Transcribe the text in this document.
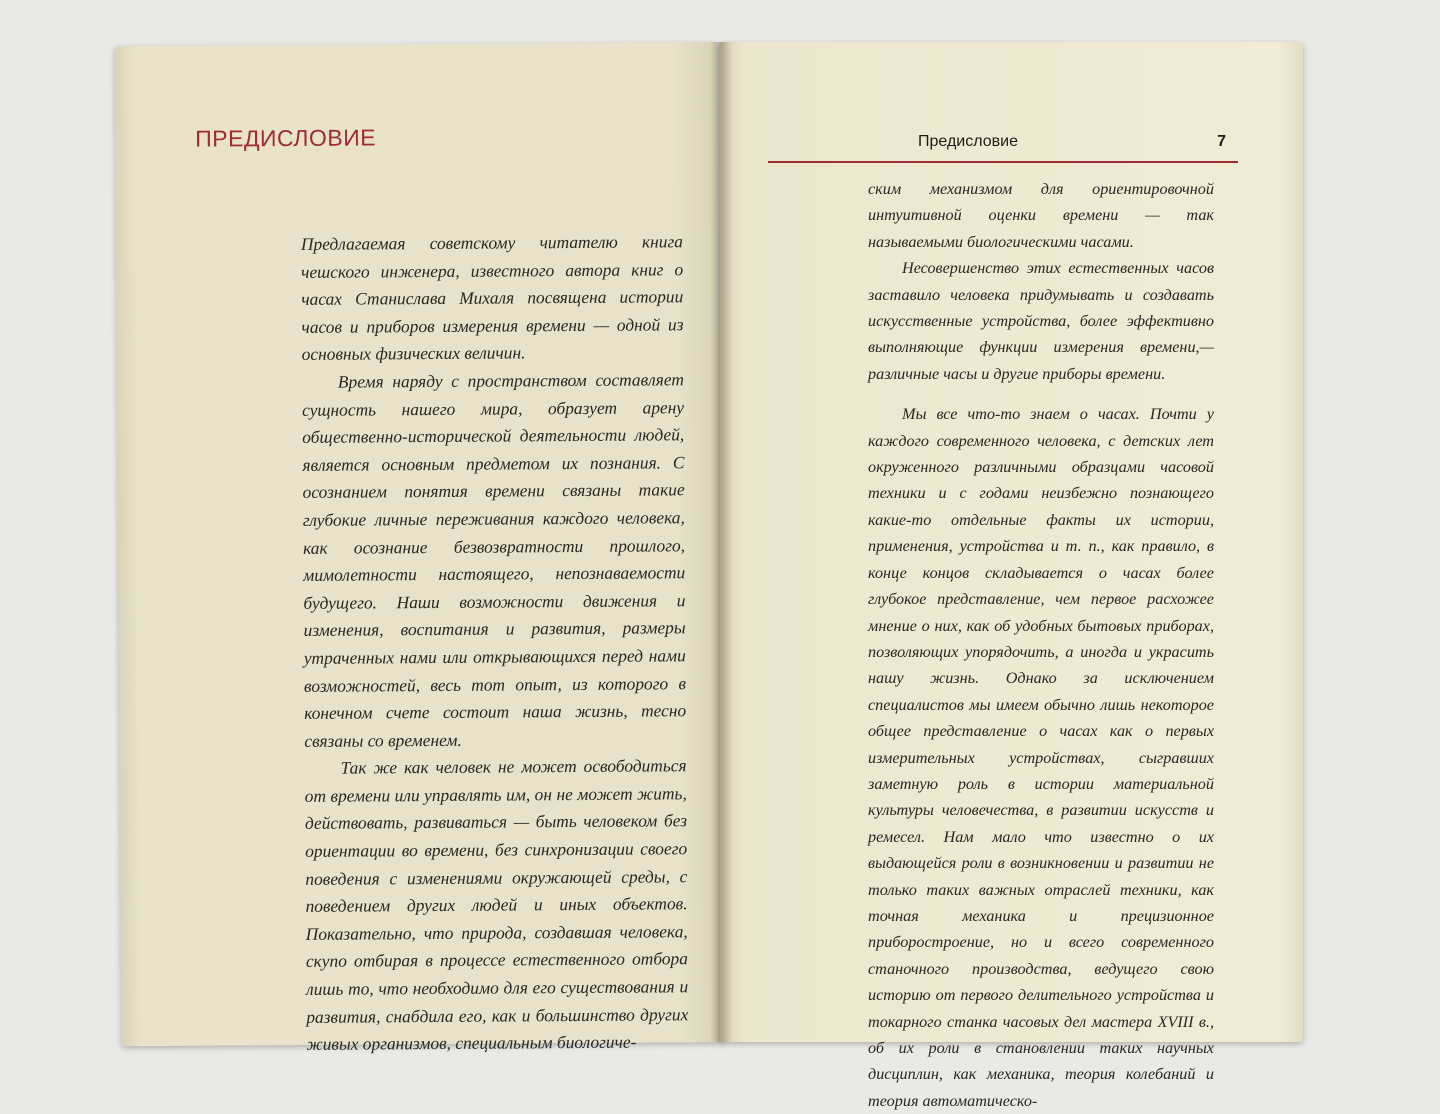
​
ПРЕДИСЛОВИЕ

Предлагаемая советскому читателю книга чешского инженера, известного автора книг о часах Станислава Михаля посвящена истории часов и приборов измерения времени — одной из основных физических величин.

Время наряду с пространством составляет сущность нашего мира, образует арену общественно-исторической деятельности людей, является основным предметом их познания. С осознанием понятия времени связаны такие глубокие личные переживания каждого человека, как осознание безвозвратности прошлого, мимолетности настоящего, непознаваемости будущего. Наши возможности движения и изменения, воспитания и развития, размеры утраченных нами или открывающихся перед нами возможностей, весь тот опыт, из которого в конечном счете состоит наша жизнь, тесно связаны со временем.

Так же как человек не может освободиться от времени или управлять им, он не может жить, действовать, развиваться — быть человеком без ориентации во времени, без синхронизации своего поведения с изменениями окружающей среды, с поведением других людей и иных объектов. Показательно, что природа, создавшая человека, скупо отбирая в процессе естественного отбора лишь то, что необходимо для его существования и развития, снабдила его, как и большинство других живых организмов, специальным биологиче-

Предисловие	7

ским механизмом для ориентировочной интуитивной оценки времени — так называемыми биологическими часами.

Несовершенство этих естественных часов заставило человека придумывать и создавать искусственные устройства, более эффективно выполняющие функции измерения времени,— различные часы и другие приборы времени.

Мы все что-то знаем о часах. Почти у каждого современного человека, с детских лет окруженного различными образцами часовой техники и с годами неизбежно познающего какие-то отдельные факты их истории, применения, устройства и т. п., как правило, в конце концов складывается о часах более глубокое представление, чем первое расхожее мнение о них, как об удобных бытовых приборах, позволяющих упорядочить, а иногда и украсить нашу жизнь. Однако за исключением специалистов мы имеем обычно лишь некоторое общее представление о часах как о первых измерительных устройствах, сыгравших заметную роль в истории материальной культуры человечества, в развитии искусств и ремесел. Нам мало что известно о их выдающейся роли в возникновении и развитии не только таких важных отраслей техники, как точная механика и прецизионное приборостроение, но и всего современного станочного производства, ведущего свою историю от первого делительного устройства и токарного станка часовых дел мастера XVIII в., об их роли в становлении таких научных дисциплин, как механика, теория колебаний и теория автоматическо-
